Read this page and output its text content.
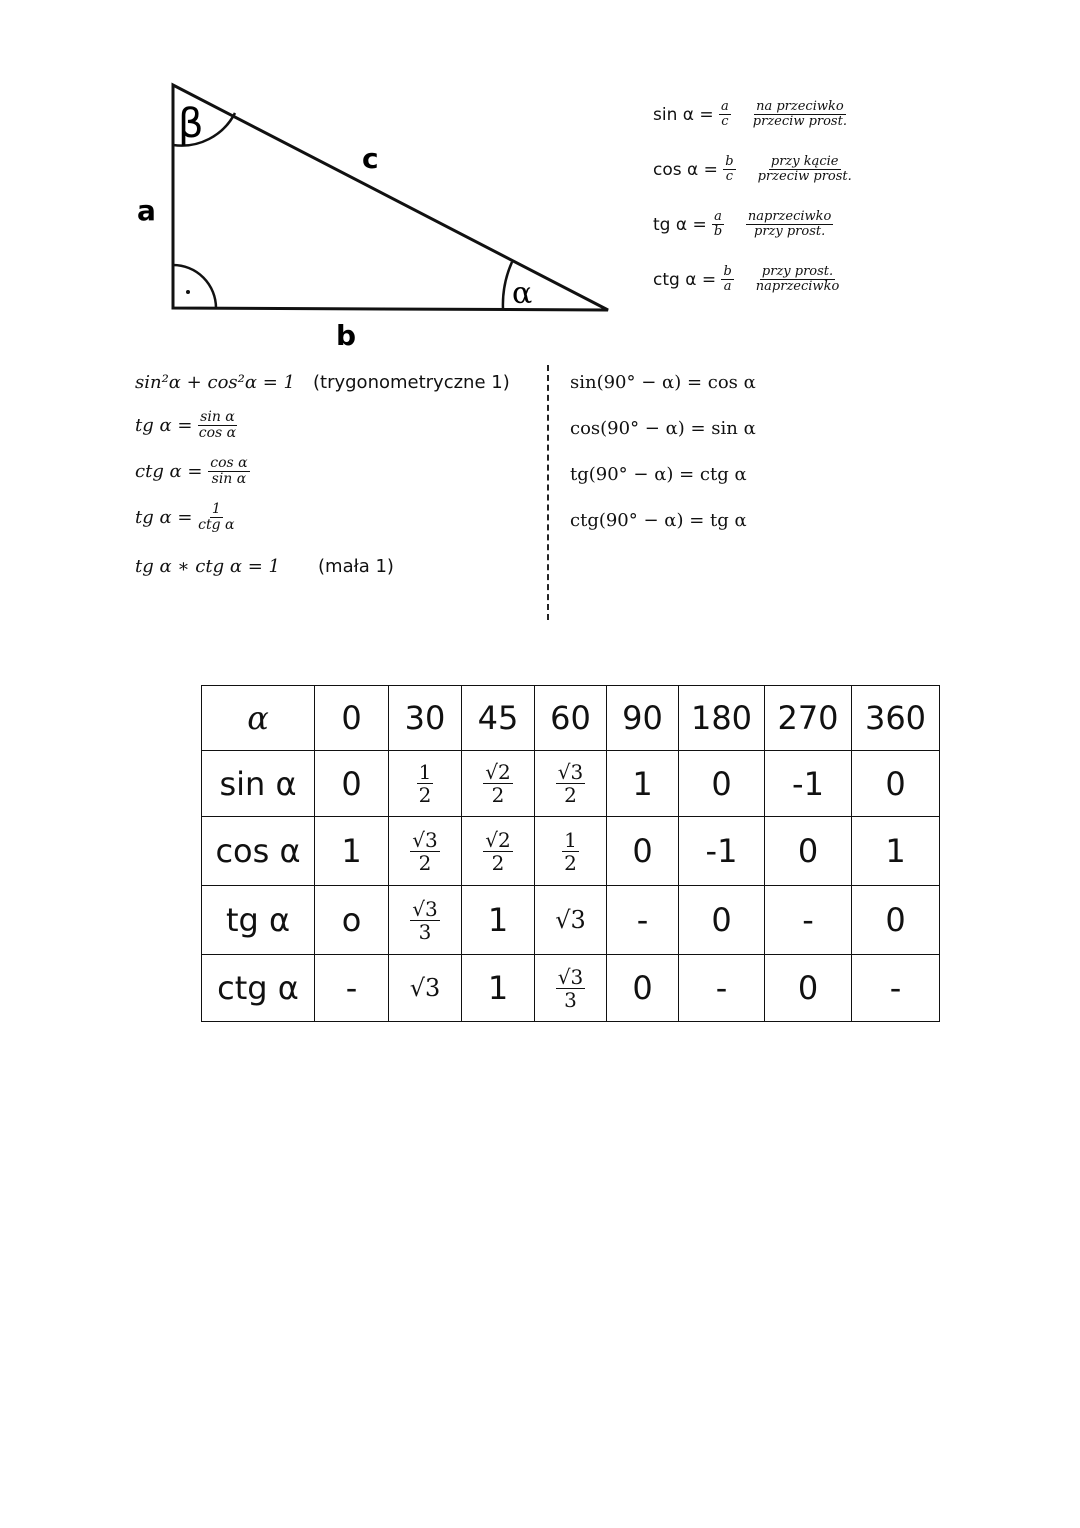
β
α
a
b
c
sin²α + cos²α = 1 (trygonometryczne 1)
tg $\alpha = \frac{\text{sin α}}{\text{cos α}}$
ctg $\alpha = \frac{\text{cos α}}{\text{sin α}}$
tg $\alpha = \frac{1}{\text{ctg α}}$
tg α ∗ ctg α = 1 (mała 1)
α	0	30	45	60	90	180	270	360
sin α	0	$\frac{1}{2}$	$\frac{√2}{2}$	$\frac{√3}{2}$	1	0	-1	0
cos α	1	$\frac{√3}{2}$	$\frac{√2}{2}$	$\frac{1}{2}$	0	-1	0	1
tg α	o	$\frac{√3}{3}$	1	√3	-	0	-	0
ctg α	-	√3	1	$\frac{√3}{3}$	0	-	0	-
$\sin \alpha = \frac{a}{c} \frac{\text{na przeciwko}}{\text{przeciw prost.}}$
$\cos \alpha = \frac{b}{c} \frac{\text{przy kącie}}{\text{przeciw prost.}}$
tg $\alpha = \frac{a}{b} \frac{\text{naprzeciwko}}{\text{przy prost.}}$
ctg $\alpha = \frac{b}{a} \frac{\text{przy prost.}}{\text{naprzeciwko}}$
sin(90° − α) = cos α
cos(90° − α) = sin α
tg(90° − α) = ctg α
ctg(90° − α) = tg α
